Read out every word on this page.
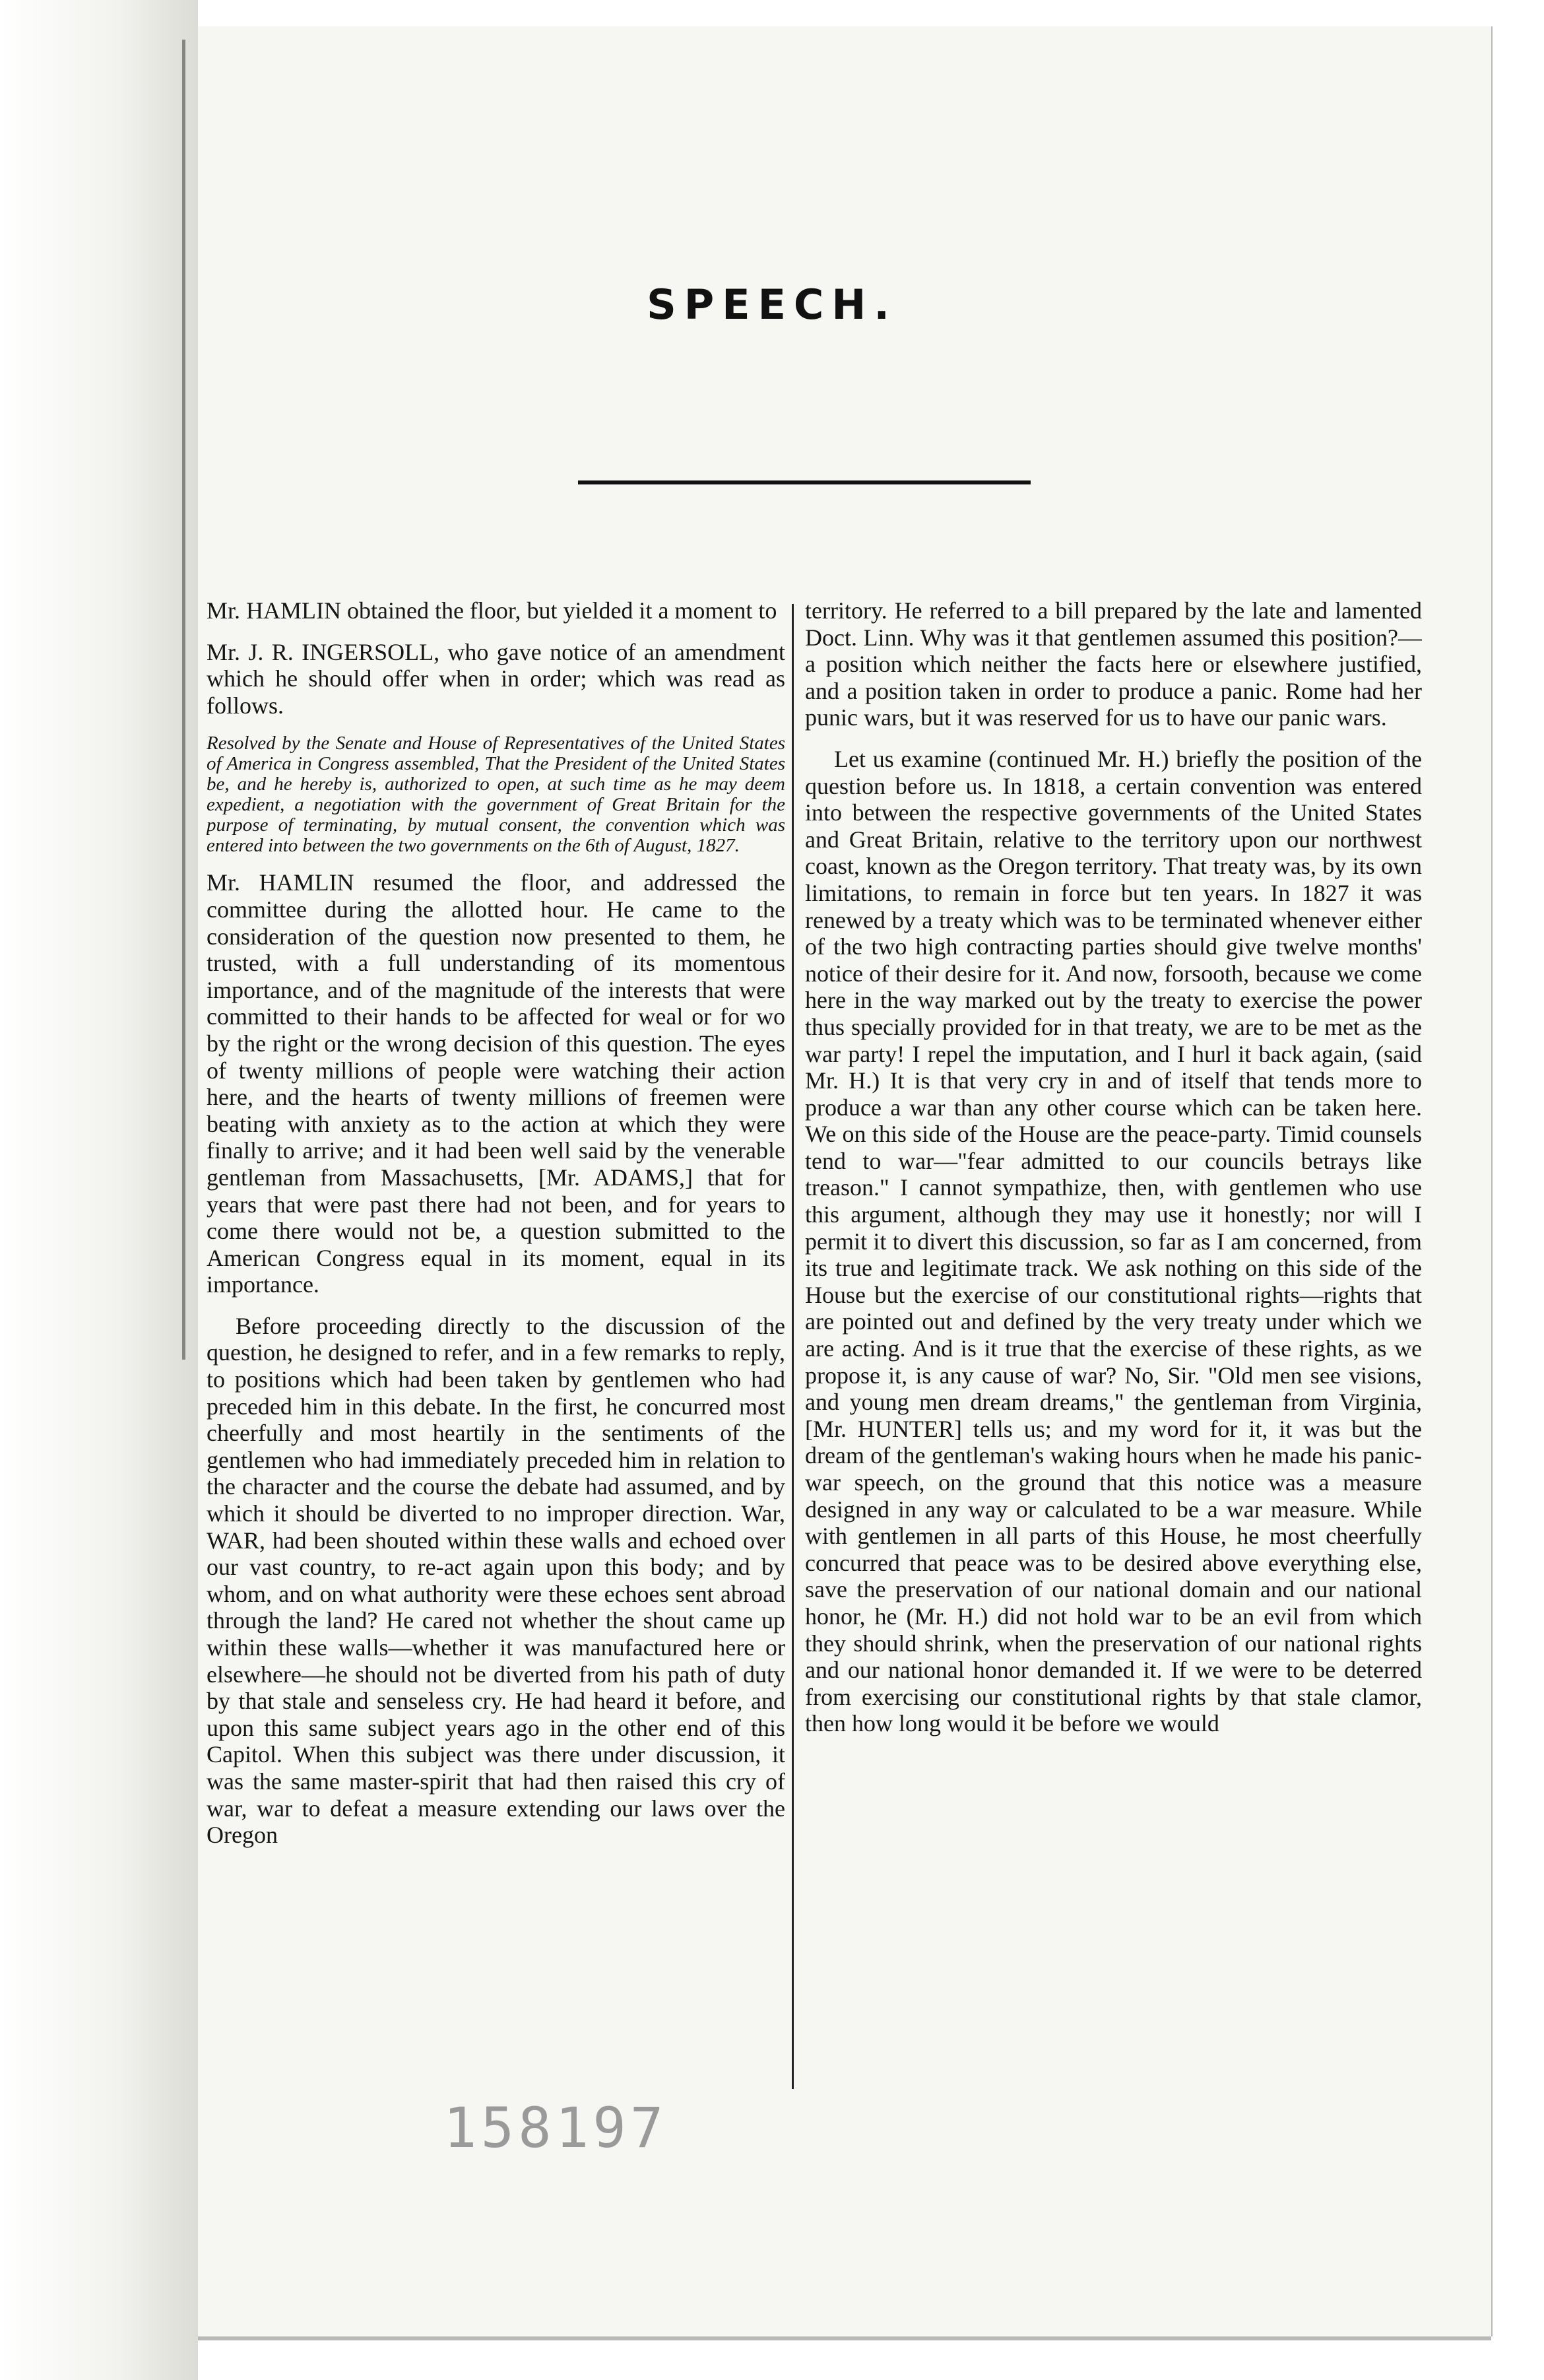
SPEECH.

Mr. HAMLIN obtained the floor, but yielded it a moment to

Mr. J. R. INGERSOLL, who gave notice of an amendment which he should offer when in order; which was read as follows.

Resolved by the Senate and House of Representatives of the United States of America in Congress assembled, That the President of the United States be, and he hereby is, authorized to open, at such time as he may deem expedient, a negotiation with the government of Great Britain for the purpose of terminating, by mutual consent, the convention which was entered into between the two governments on the 6th of August, 1827.

Mr. HAMLIN resumed the floor, and addressed the committee during the allotted hour. He came to the consideration of the question now presented to them, he trusted, with a full understanding of its momentous importance, and of the magnitude of the interests that were committed to their hands to be affected for weal or for wo by the right or the wrong decision of this question. The eyes of twenty millions of people were watching their action here, and the hearts of twenty millions of freemen were beating with anxiety as to the action at which they were finally to arrive; and it had been well said by the venerable gentleman from Massachusetts, [Mr. ADAMS,] that for years that were past there had not been, and for years to come there would not be, a question submitted to the American Congress equal in its moment, equal in its importance.

Before proceeding directly to the discussion of the question, he designed to refer, and in a few remarks to reply, to positions which had been taken by gentlemen who had preceded him in this debate. In the first, he concurred most cheerfully and most heartily in the sentiments of the gentlemen who had immediately preceded him in relation to the character and the course the debate had assumed, and by which it should be diverted to no improper direction. War, WAR, had been shouted within these walls and echoed over our vast country, to re-act again upon this body; and by whom, and on what authority were these echoes sent abroad through the land? He cared not whether the shout came up within these walls—whether it was manufactured here or elsewhere—he should not be diverted from his path of duty by that stale and senseless cry. He had heard it before, and upon this same subject years ago in the other end of this Capitol. When this subject was there under discussion, it was the same master-spirit that had then raised this cry of war, war to defeat a measure extending our laws over the Oregon

territory. He referred to a bill prepared by the late and lamented Doct. Linn. Why was it that gentlemen assumed this position?—a position which neither the facts here or elsewhere justified, and a position taken in order to produce a panic. Rome had her punic wars, but it was reserved for us to have our panic wars.

Let us examine (continued Mr. H.) briefly the position of the question before us. In 1818, a certain convention was entered into between the respective governments of the United States and Great Britain, relative to the territory upon our northwest coast, known as the Oregon territory. That treaty was, by its own limitations, to remain in force but ten years. In 1827 it was renewed by a treaty which was to be terminated whenever either of the two high contracting parties should give twelve months' notice of their desire for it. And now, forsooth, because we come here in the way marked out by the treaty to exercise the power thus specially provided for in that treaty, we are to be met as the war party! I repel the imputation, and I hurl it back again, (said Mr. H.) It is that very cry in and of itself that tends more to produce a war than any other course which can be taken here. We on this side of the House are the peace-party. Timid counsels tend to war—"fear admitted to our councils betrays like treason." I cannot sympathize, then, with gentlemen who use this argument, although they may use it honestly; nor will I permit it to divert this discussion, so far as I am concerned, from its true and legitimate track. We ask nothing on this side of the House but the exercise of our constitutional rights—rights that are pointed out and defined by the very treaty under which we are acting. And is it true that the exercise of these rights, as we propose it, is any cause of war? No, Sir. "Old men see visions, and young men dream dreams," the gentleman from Virginia, [Mr. HUNTER] tells us; and my word for it, it was but the dream of the gentleman's waking hours when he made his panic-war speech, on the ground that this notice was a measure designed in any way or calculated to be a war measure. While with gentlemen in all parts of this House, he most cheerfully concurred that peace was to be desired above everything else, save the preservation of our national domain and our national honor, he (Mr. H.) did not hold war to be an evil from which they should shrink, when the preservation of our national rights and our national honor demanded it. If we were to be deterred from exercising our constitutional rights by that stale clamor, then how long would it be before we would

158197
